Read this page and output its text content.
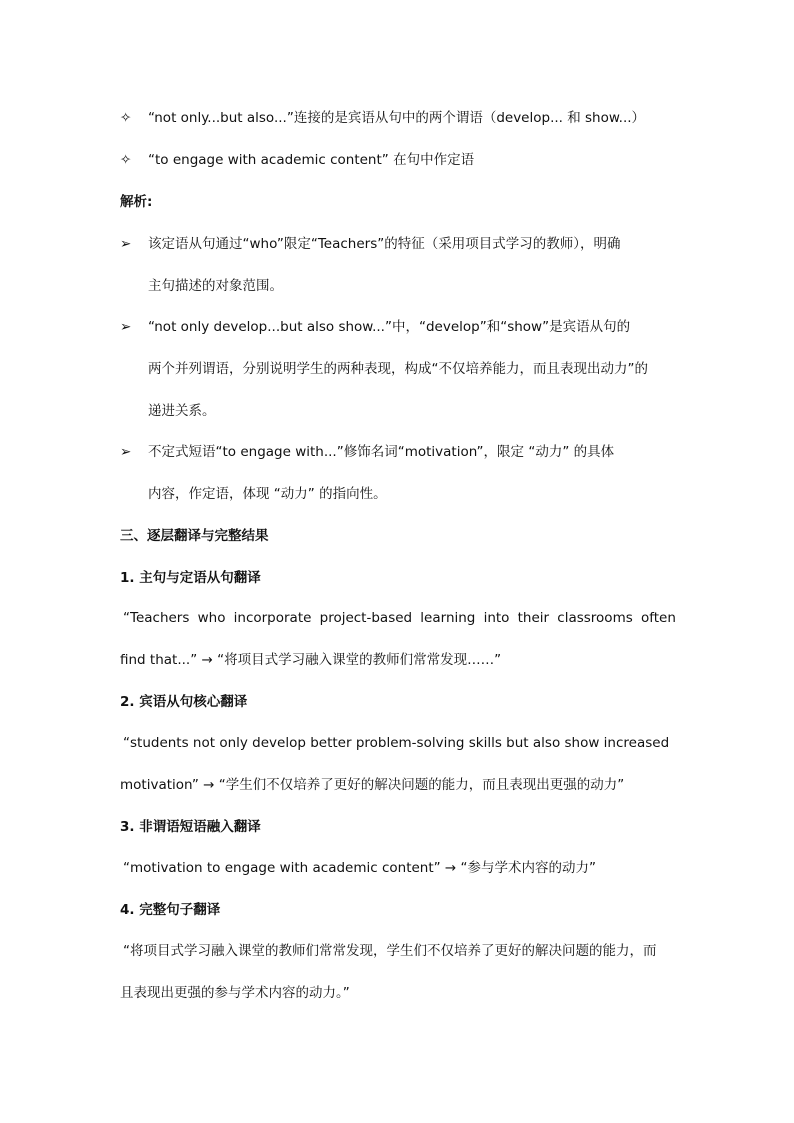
✧	“not only...but also...”连接的是宾语从句中的两个谓语（develop... 和 show...）
✧	“to engage with academic content” 在句中作定语
解析:
➢	该定语从句通过“who”限定“Teachers”的特征（采用项目式学习的教师），明确
主句描述的对象范围。
➢	“not only develop...but also show...”中，“develop”和“show”是宾语从句的
两个并列谓语，分别说明学生的两种表现，构成“不仅培养能力，而且表现出动力”的
递进关系。
➢	不定式短语“to engage with...”修饰名词“motivation”，限定 “动力” 的具体
内容，作定语，体现 “动力” 的指向性。
三、逐层翻译与完整结果
1. 主句与定语从句翻译
“Teachers who incorporate project-based learning into their classrooms often
find that...” → “将项目式学习融入课堂的教师们常常发现……”
2. 宾语从句核心翻译
“students not only develop better problem-solving skills but also show increased
motivation” → “学生们不仅培养了更好的解决问题的能力，而且表现出更强的动力”
3. 非谓语短语融入翻译
“motivation to engage with academic content” → “参与学术内容的动力”
4. 完整句子翻译
“将项目式学习融入课堂的教师们常常发现，学生们不仅培养了更好的解决问题的能力，而
且表现出更强的参与学术内容的动力。”
